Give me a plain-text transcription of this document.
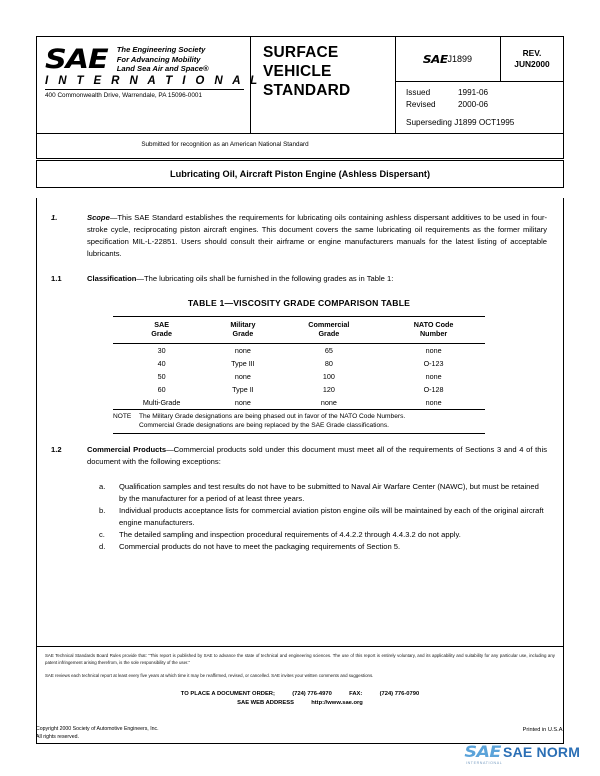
SAE The Engineering Society
For Advancing Mobility
Land Sea Air and Space®
I N T E R N A T I O N A L
400 Commonwealth Drive, Warrendale, PA 15096-0001
SURFACE
VEHICLE
STANDARD
SAE J1899
REV.
JUN2000
Issued	1991-06
Revised	2000-06
Superseding J1899 OCT1995
Submitted for recognition as an American National Standard
Lubricating Oil, Aircraft Piston Engine (Ashless Dispersant)
1.	Scope—This SAE Standard establishes the requirements for lubricating oils containing ashless dispersant additives to be used in four-stroke cycle, reciprocating piston aircraft engines. This document covers the same lubricating oil requirements as the former military specification MIL-L-22851. Users should consult their airframe or engine manufacturers manuals for the latest listing of acceptable lubricants.
1.1	Classification—The lubricating oils shall be furnished in the following grades as in Table 1:
TABLE 1—VISCOSITY GRADE COMPARISON TABLE
SAE
Grade

Military
Grade

Commercial
Grade

NATO Code
Number

30	none	65	none
40	Type III	80	O-123
50	none	100	none
60	Type II	120	O-128
Multi-Grade	none	none	none
NOTE	The Military Grade designations are being phased out in favor of the NATO Code Numbers.
Commercial Grade designations are being replaced by the SAE Grade classifications.
1.2	Commercial Products—Commercial products sold under this document must meet all of the requirements of Sections 3 and 4 of this document with the following exceptions:
a.	Qualification samples and test results do not have to be submitted to Naval Air Warfare Center (NAWC), but must be retained by the manufacturer for a period of at least three years.
b.	Individual products acceptance lists for commercial aviation piston engine oils will be maintained by each of the original aircraft engine manufacturers.
c.	The detailed sampling and inspection procedural requirements of 4.4.2.2 through 4.4.3.2 do not apply.
d.	Commercial products do not have to meet the packaging requirements of Section 5.
SAE Technical Standards Board Rules provide that: “This report is published by SAE to advance the state of technical and engineering sciences. The use of this report is entirely voluntary, and its applicability and suitability for any particular use, including any patent infringement arising therefrom, is the sole responsibility of the user.”
SAE reviews each technical report at least every five years at which time it may be reaffirmed, revised, or cancelled. SAE invites your written comments and suggestions.
TO PLACE A DOCUMENT ORDER;	(724) 776-4970	FAX:	(724) 776-0790
SAE WEB ADDRESS	http://www.sae.org
Copyright 2000 Society of Automotive Engineers, Inc.
All rights reserved.
Printed in U.S.A.
SAE SAE NORM
INTERNATIONAL
